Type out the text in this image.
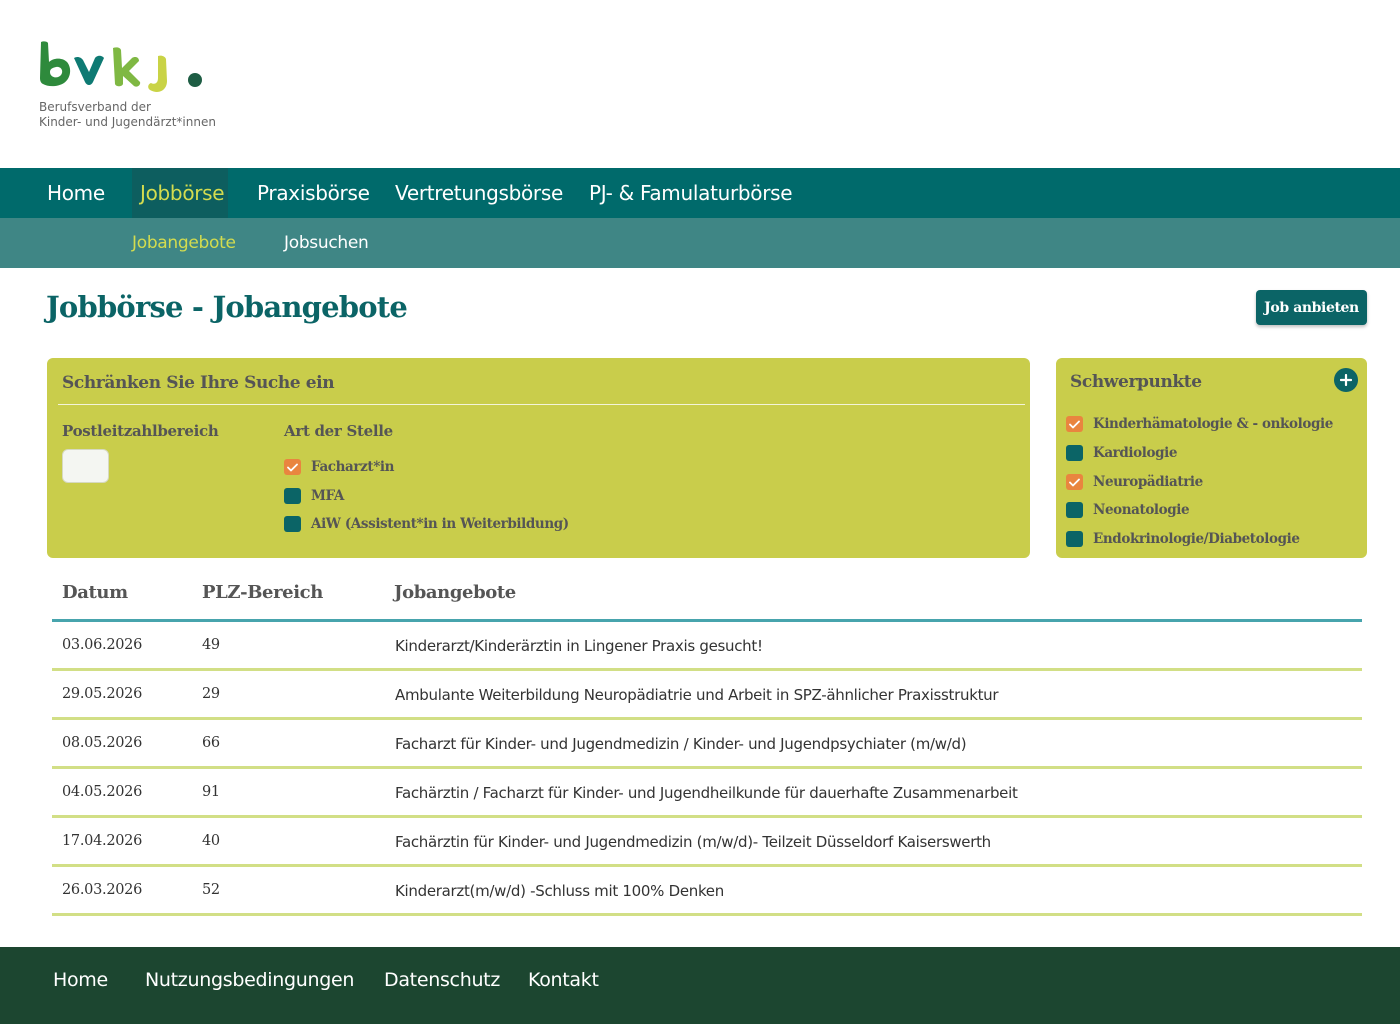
Berufsverband der
Kinder- und Jugendärzt*innen
Home	Jobbörse	Praxisbörse	Vertretungsbörse	PJ- & Famulaturbörse
Jobangebote	Jobsuchen
Jobbörse - Jobangebote	Job anbieten
Schränken Sie Ihre Suche ein
Postleitzahlbereich	Art der Stelle
Facharzt*in
MFA
AiW (Assistent*in in Weiterbildung)
Schwerpunkte
Kinderhämatologie & - onkologie
Kardiologie
Neuropädiatrie
Neonatologie
Endokrinologie/Diabetologie
Datum	PLZ-Bereich	Jobangebote
03.06.2026	49	Kinderarzt/Kinderärztin in Lingener Praxis gesucht!
29.05.2026	29	Ambulante Weiterbildung Neuropädiatrie und Arbeit in SPZ-ähnlicher Praxisstruktur
08.05.2026	66	Facharzt für Kinder- und Jugendmedizin / Kinder- und Jugendpsychiater (m/w/d)
04.05.2026	91	Fachärztin / Facharzt für Kinder- und Jugendheilkunde für dauerhafte Zusammenarbeit
17.04.2026	40	Fachärztin für Kinder- und Jugendmedizin (m/w/d)- Teilzeit Düsseldorf Kaiserswerth
26.03.2026	52	Kinderarzt(m/w/d) -Schluss mit 100% Denken
Home Nutzungsbedingungen Datenschutz Kontakt
